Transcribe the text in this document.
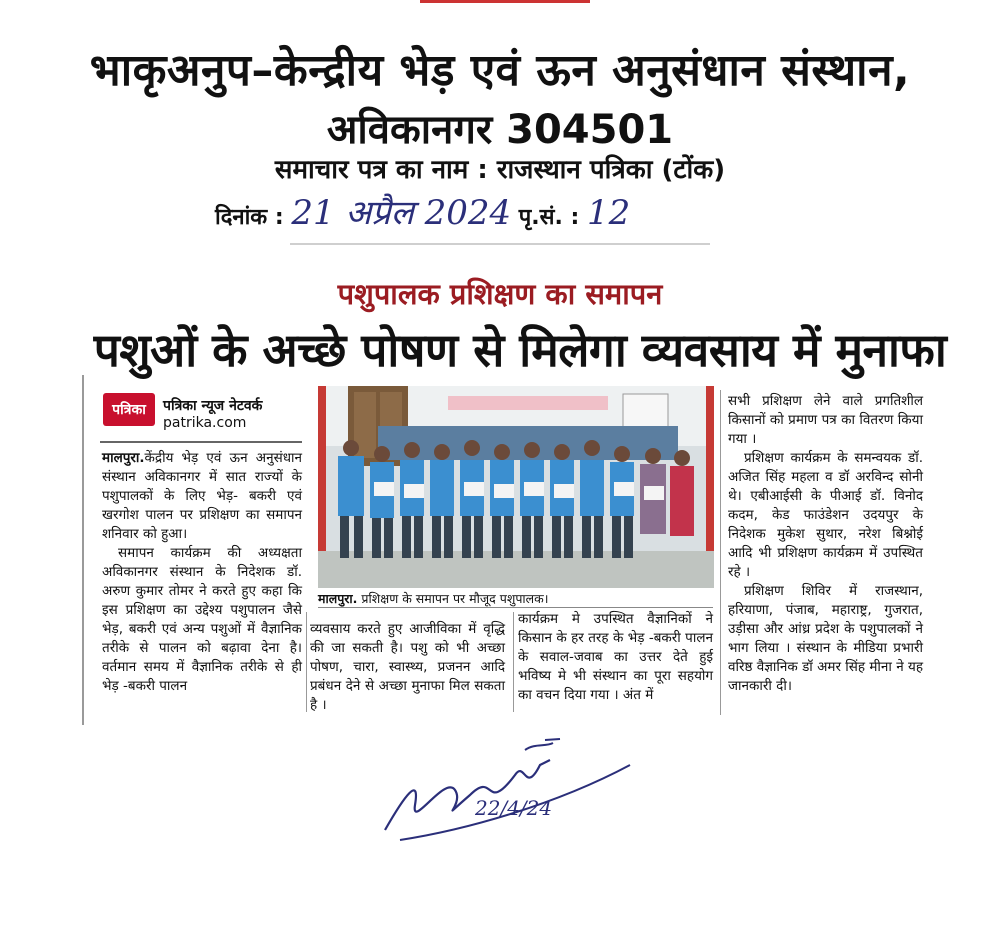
भाकृअनुप–केन्द्रीय भेड़ एवं ऊन अनुसंधान संस्थान,
अविकानगर 304501
समाचार पत्र का नाम : राजस्थान पत्रिका (टोंक)
दिनांक : 21 अप्रैल 2024 पृ.सं. : 12
पशुपालक प्रशिक्षण का समापन
पशुओं के अच्छे पोषण से मिलेगा व्यवसाय में मुनाफा
पत्रिका	पत्रिका न्यूज नेटवर्क
patrika.com

मालपुरा.केंद्रीय भेड़ एवं ऊन अनुसंधान संस्थान अविकानगर में सात राज्यों के पशुपालकों के लिए भेड़- बकरी एवं खरगोश पालन पर प्रशिक्षण का समापन शनिवार को हुआ।

समापन कार्यक्रम की अध्यक्षता अविकानगर संस्थान के निदेशक डॉ. अरुण कुमार तोमर ने करते हुए कहा कि इस प्रशिक्षण का उद्देश्य पशुपालन जैसे भेड़, बकरी एवं अन्य पशुओं में वैज्ञानिक तरीके से पालन को बढ़ावा देना है। वर्तमान समय में वैज्ञानिक तरीके से ही भेड़ -बकरी पालन

मालपुरा. प्रशिक्षण के समापन पर मौजूद पशुपालक।
व्यवसाय करते हुए आजीविका में वृद्धि की जा सकती है। पशु को भी अच्छा पोषण, चारा, स्वास्थ्य, प्रजनन आदि प्रबंधन देने से अच्छा मुनाफा मिल सकता है ।
कार्यक्रम मे उपस्थित वैज्ञानिकों ने किसान के हर तरह के भेड़ -बकरी पालन के सवाल-जवाब का उत्तर देते हुई भविष्य मे भी संस्थान का पूरा सहयोग का वचन दिया गया । अंत में

सभी प्रशिक्षण लेने वाले प्रगतिशील किसानों को प्रमाण पत्र का वितरण किया गया ।

प्रशिक्षण कार्यक्रम के समन्वयक डॉ. अजित सिंह महला व डॉ अरविन्द सोनी थे। एबीआईसी के पीआई डॉ. विनोद कदम, केड फाउंडेशन उदयपुर के निदेशक मुकेश सुथार, नरेश बिश्नोई आदि भी प्रशिक्षण कार्यक्रम में उपस्थित रहे ।

प्रशिक्षण शिविर में राजस्थान, हरियाणा, पंजाब, महाराष्ट्र, गुजरात, उड़ीसा और आंध्र प्रदेश के पशुपालकों ने भाग लिया । संस्थान के मीडिया प्रभारी वरिष्ठ वैज्ञानिक डॉ अमर सिंह मीना ने यह जानकारी दी।

22/4/24
